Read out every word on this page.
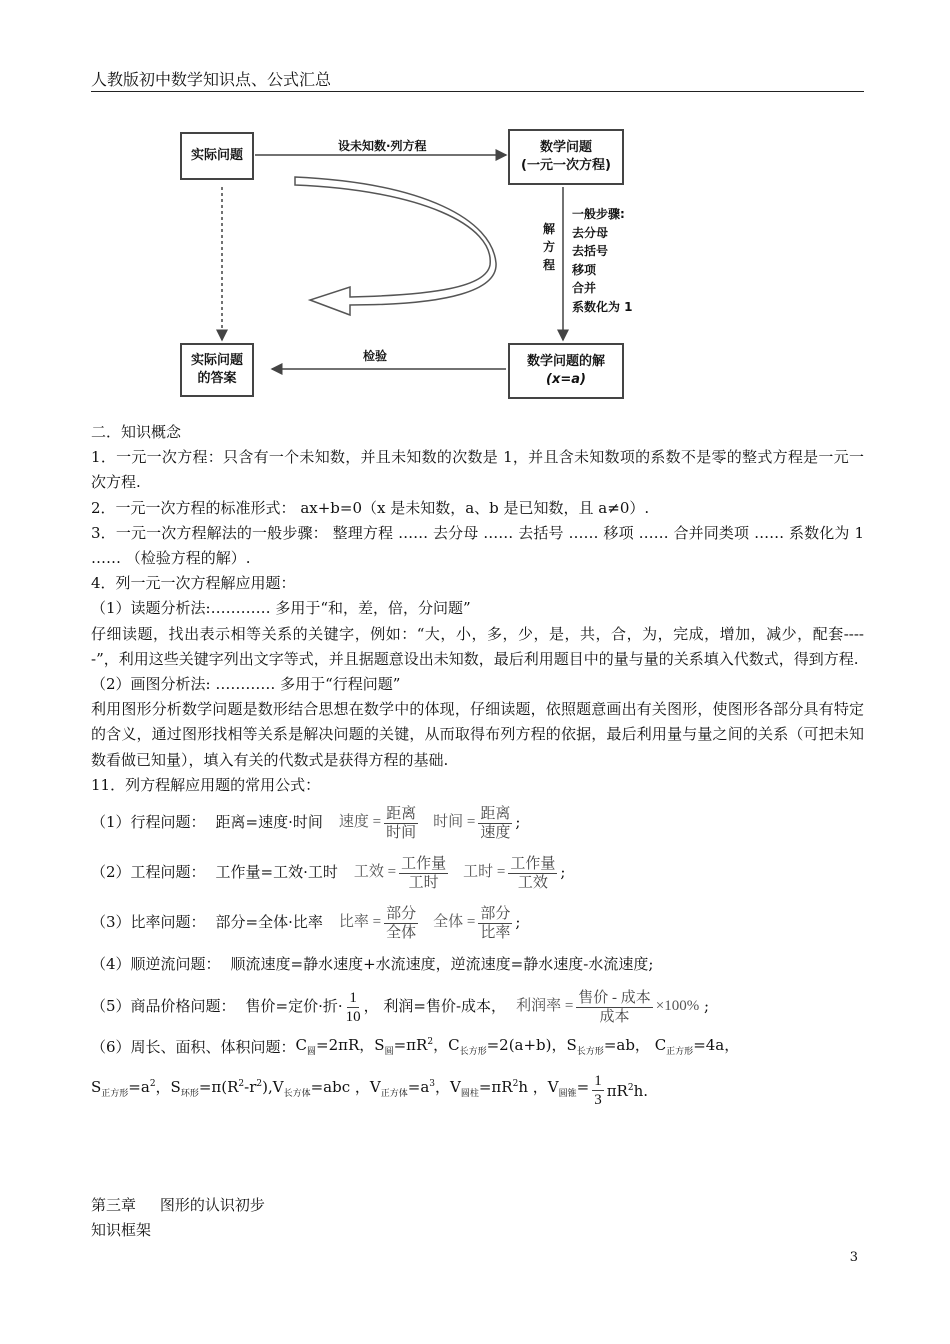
人教版初中数学知识点、公式汇总
实际问题
数学问题
(一元一次方程)
实际问题
的答案
数学问题的解
(x=a)
设未知数·列方程
检验
解
方
程
一般步骤:
去分母
去括号
移项
合并
系数化为 1

二．知识概念

1．一元一次方程：只含有一个未知数，并且未知数的次数是 1，并且含未知数项的系数不是零的整式方程是一元一次方程.

2．一元一次方程的标准形式： ax+b=0（x 是未知数，a、b 是已知数，且 a≠0）.

3．一元一次方程解法的一般步骤： 整理方程 …… 去分母 …… 去括号 …… 移项 …… 合并同类项 …… 系数化为 1 …… （检验方程的解）.

4．列一元一次方程解应用题：

（1）读题分析法:………… 多用于“和，差，倍，分问题”

仔细读题，找出表示相等关系的关键字，例如：“大，小，多，少，是，共，合，为，完成，增加，减少，配套-----”，利用这些关键字列出文字等式，并且据题意设出未知数，最后利用题目中的量与量的关系填入代数式，得到方程.

（2）画图分析法: ………… 多用于“行程问题”

利用图形分析数学问题是数形结合思想在数学中的体现，仔细读题，依照题意画出有关图形，使图形各部分具有特定的含义，通过图形找相等关系是解决问题的关键，从而取得布列方程的依据，最后利用量与量之间的关系（可把未知数看做已知量），填入有关的代数式是获得方程的基础.

11．列方程解应用题的常用公式：

（1）行程问题： 距离=速度·时间 速度 = $\frac{\text{距离}}{\text{时间}}$ 时间 = $\frac{\text{距离}}{\text{速度}}$ ;
（2）工程问题： 工作量=工效·工时 工效 = $\frac{\text{工作量}}{\text{工时}}$ 工时 = $\frac{\text{工作量}}{\text{工效}}$ ;
（3）比率问题： 部分=全体·比率 比率 = $\frac{\text{部分}}{\text{全体}}$ 全体 = $\frac{\text{部分}}{\text{比率}}$ ;
（4）顺逆流问题： 顺流速度=静水速度+水流速度，逆流速度=静水速度-水流速度;
（5）商品价格问题： 售价=定价·折· $\frac{1}{10}$ ， 利润=售价-成本， 利润率 = $\frac{\text{售价 - 成本}}{\text{成本}} \times 100\%$ ;
（6）周长、面积、体积问题： $C_圆=2\pi R$，$S_圆=\pi R^2$，$C_{长方形}=2(a+b)$，$S_{长方形}=ab$， $C_{正方形}=4a$，
$S_{正方形}=a^2$，$S_{环形}=\pi(R^2-r^2),V_{长方体}=abc$ ，$V_{正方体}=a^3$，$V_{圆柱}=\pi R^2h$ ，$V_{圆锥}= \frac{1}{3} \pi R^2h$.
第三章     图形的认识初步
知识框架
3
